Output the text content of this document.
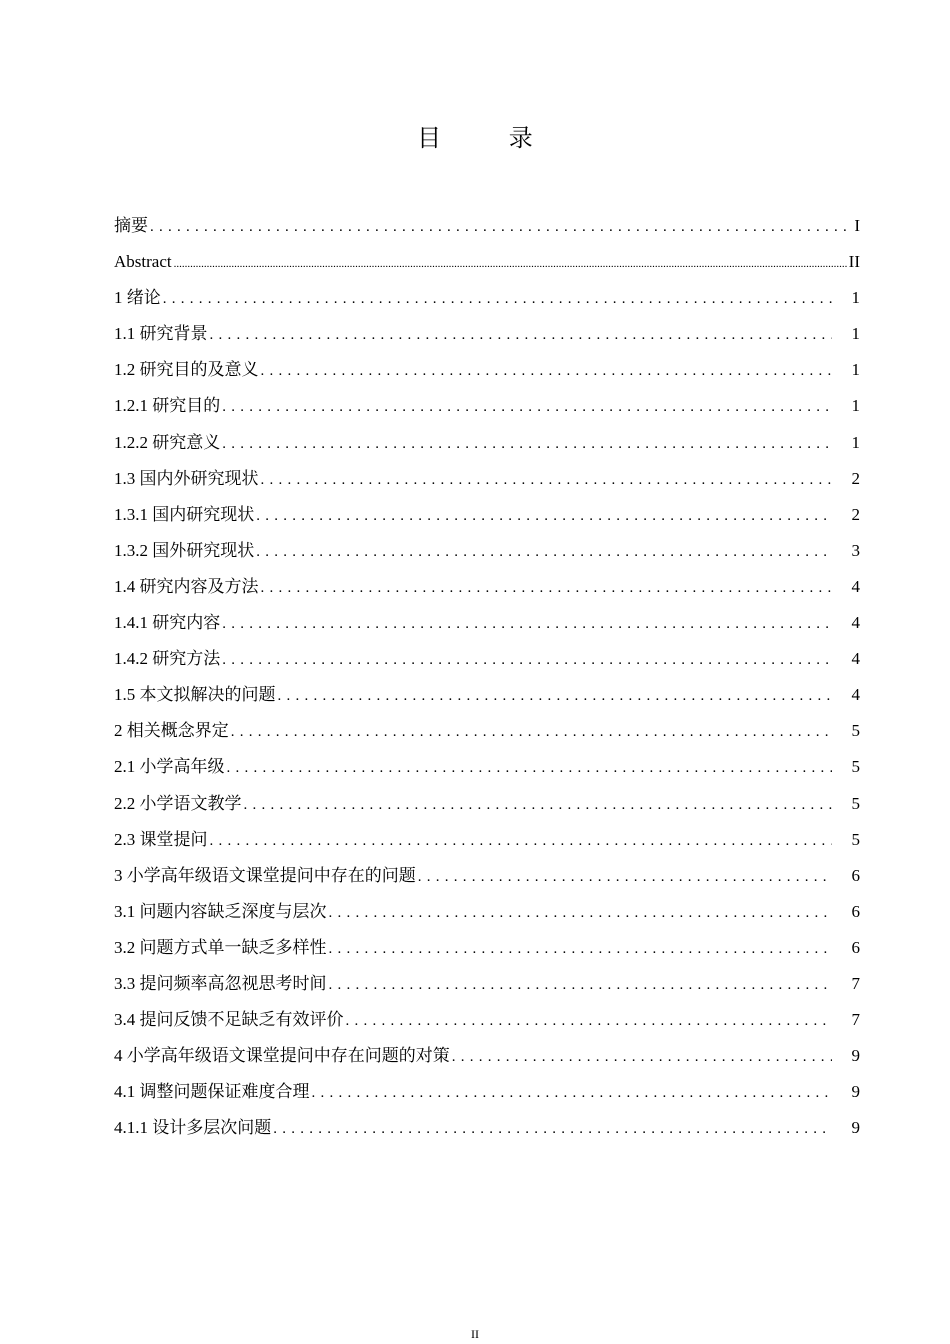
目 录
摘要 . . .	I
Abstract .....	II
1 绪论 . . .	1
1.1 研究背景 . . .	1
1.2 研究目的及意义 . . .	1
1.2.1 研究目的 . . .	1
1.2.2 研究意义 . . .	1
1.3 国内外研究现状 . . .	2
1.3.1 国内研究现状 . . .	2
1.3.2 国外研究现状 . . .	3
1.4 研究内容及方法 . . .	4
1.4.1 研究内容 . . .	4
1.4.2 研究方法 . . .	4
1.5 本文拟解决的问题 . . .	4
2 相关概念界定 . . .	5
2.1 小学高年级 . . .	5
2.2 小学语文教学 . . .	5
2.3 课堂提问 . . .	5
3 小学高年级语文课堂提问中存在的问题 . . .	6
3.1 问题内容缺乏深度与层次 . . .	6
3.2 问题方式单一缺乏多样性 . . .	6
3.3 提问频率高忽视思考时间 . . .	7
3.4 提问反馈不足缺乏有效评价 . . .	7
4 小学高年级语文课堂提问中存在问题的对策 . . .	9
4.1 调整问题保证难度合理 . . .	9
4.1.1 设计多层次问题 . . .	9
II
